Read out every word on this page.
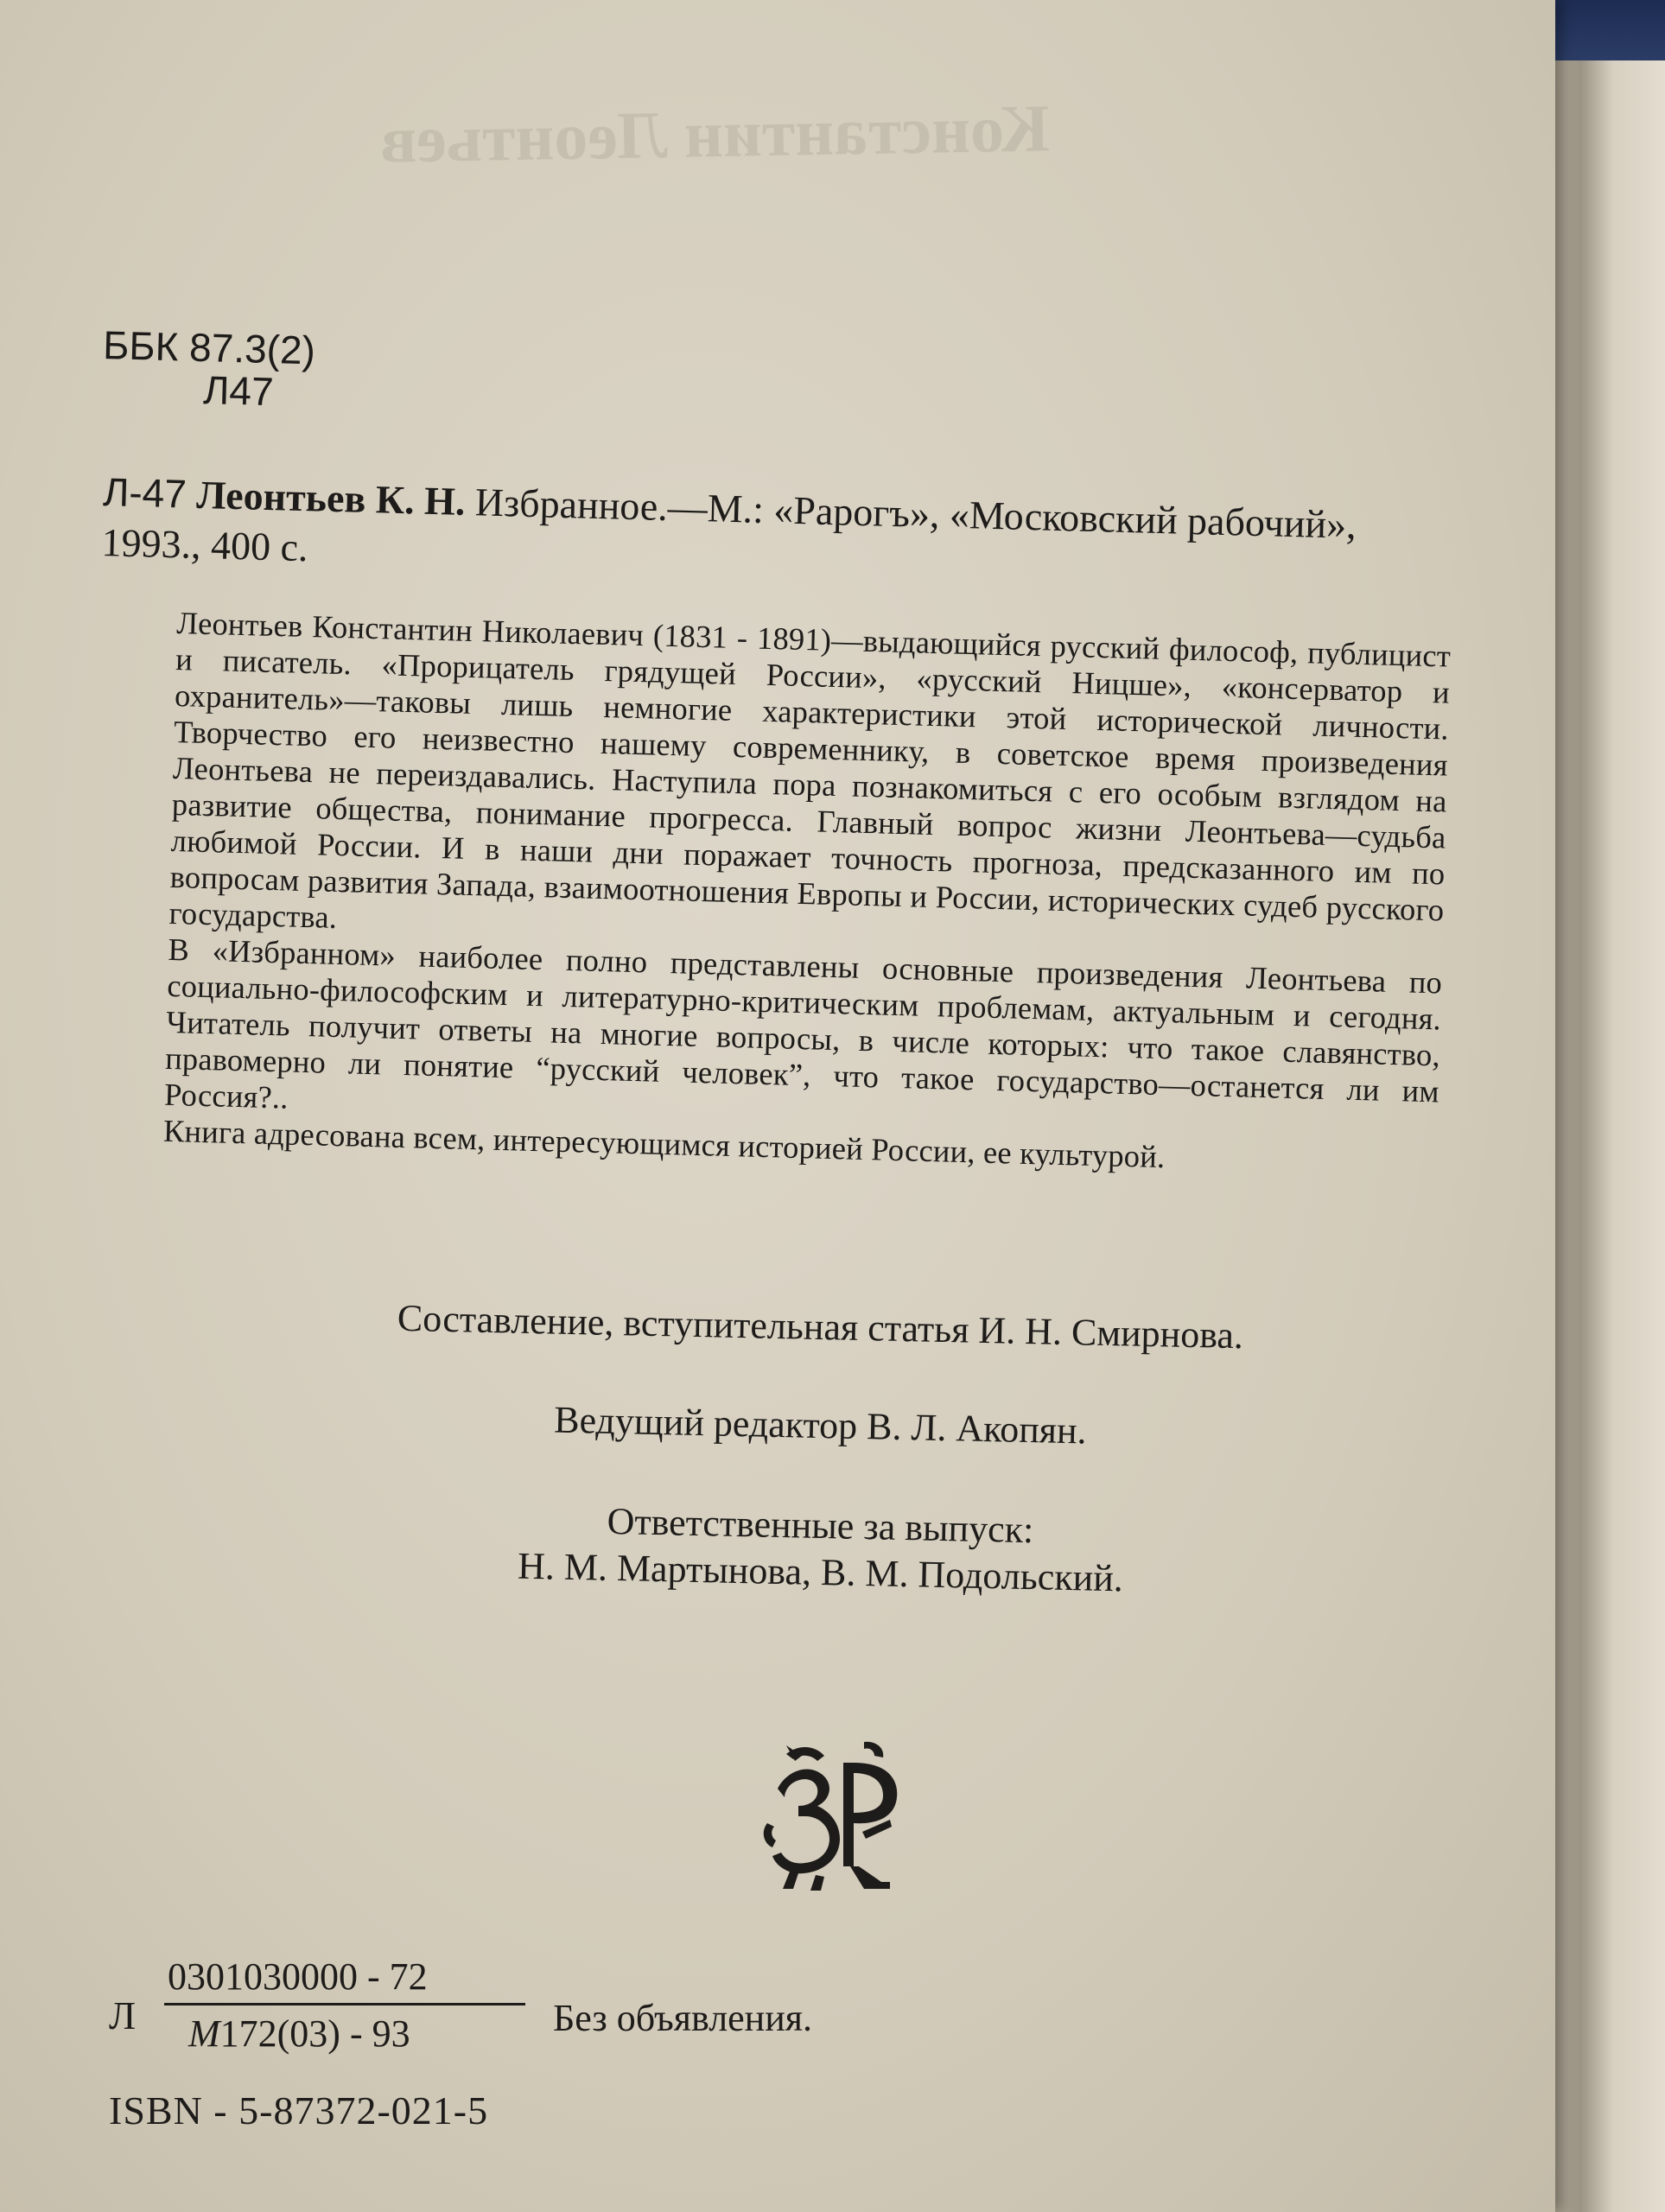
Константин Леонтьев
ББК 87.3(2)
Л47
Л-47 Леонтьев К. Н. Избранное.—М.: «Рарогъ», «Московский рабочий», 1993., 400 с.

Леонтьев Константин Николаевич (1831 - 1891)—выдающийся русский философ, публицист и писатель. «Прорицатель грядущей России», «русский Ницше», «консерватор и охранитель»—таковы лишь немногие характеристики этой исторической личности. Творчество его неизвестно нашему современнику, в советское время произведения Леонтьева не переиздавались. Наступила пора познакомиться с его особым взглядом на развитие общества, понимание прогресса. Главный вопрос жизни Леонтьева—судьба любимой России. И в наши дни поражает точность прогноза, предсказанного им по вопросам развития Запада, взаимоотношения Европы и России, исторических судеб русского государства.

В «Избранном» наиболее полно представлены основные произведения Леонтьева по социально-философским и литературно-критическим проблемам, актуальным и сегодня. Читатель получит ответы на многие вопросы, в числе которых: что такое славянство, правомерно ли понятие “русский человек”, что такое государство—останется ли им Россия?..

Книга адресована всем, интересующимся историей России, ее культурой.

Составление, вступительная статья И. Н. Смирнова.
Ведущий редактор В. Л. Акопян.
Ответственные за выпуск:
Н. М. Мартынова, В. М. Подольский.
Л
0301030000 - 72
М172(03) - 93	Без объявления.
ISBN - 5-87372-021-5
